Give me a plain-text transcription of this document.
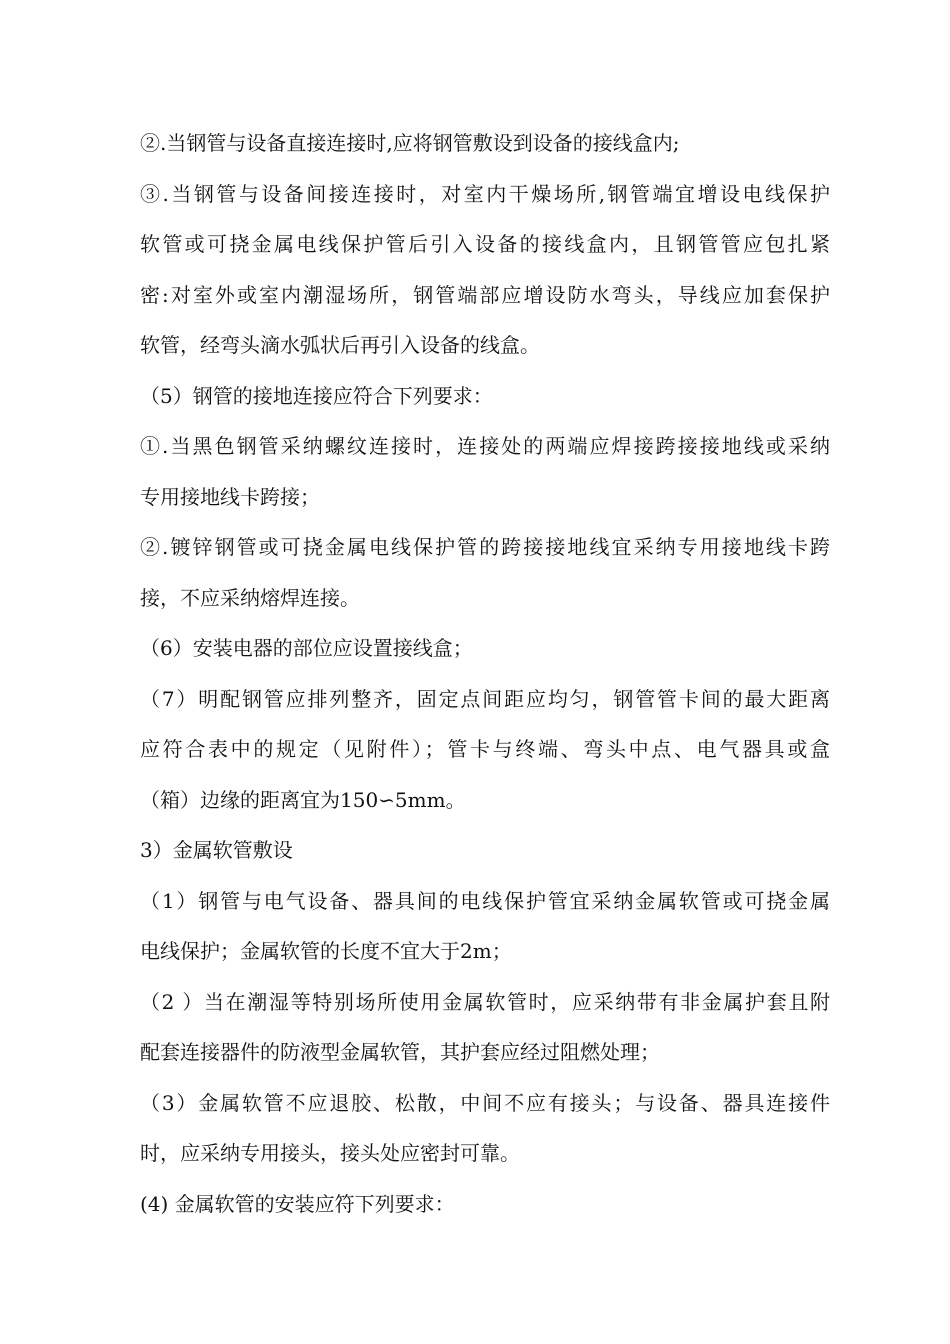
②.当钢管与设备直接连接时,应将钢管敷设到设备的接线盒内;
③.当钢管与设备间接连接时，对室内干燥场所,钢管端宜增设电线保护
软管或可挠金属电线保护管后引入设备的接线盒内，且钢管管应包扎紧
密:对室外或室内潮湿场所，钢管端部应增设防水弯头，导线应加套保护
软管，经弯头滴水弧状后再引入设备的线盒。
（5）钢管的接地连接应符合下列要求：
①.当黑色钢管采纳螺纹连接时，连接处的两端应焊接跨接接地线或采纳
专用接地线卡跨接；
②.镀锌钢管或可挠金属电线保护管的跨接接地线宜采纳专用接地线卡跨
接，不应采纳熔焊连接。
（6）安装电器的部位应设置接线盒；
（7）明配钢管应排列整齐，固定点间距应均匀，钢管管卡间的最大距离
应符合表中的规定（见附件）；管卡与终端、弯头中点、电气器具或盒
（箱）边缘的距离宜为150∽5mm。
3）金属软管敷设
（1）钢管与电气设备、器具间的电线保护管宜采纳金属软管或可挠金属
电线保护；金属软管的长度不宜大于2m；
（2 ）当在潮湿等特别场所使用金属软管时，应采纳带有非金属护套且附
配套连接器件的防液型金属软管，其护套应经过阻燃处理；
（3）金属软管不应退胶、松散，中间不应有接头；与设备、器具连接件
时，应采纳专用接头，接头处应密封可靠。
(4) 金属软管的安装应符下列要求：
